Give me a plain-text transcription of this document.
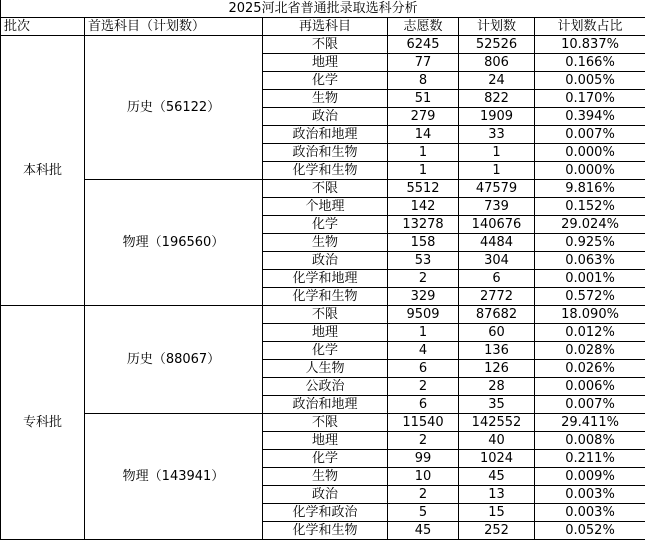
2025河北省普通批录取选科分析					
批次	首选科目（计划数）	再选科目	志愿数	计划数	计划数占比
本科批	历史（56122）	不限	6245	52526	10.837%
		地理	77	806	0.166%
		化学	8	24	0.005%
		生物	51	822	0.170%
		政治	279	1909	0.394%
		政治和地理	14	33	0.007%
		政治和生物	1	1	0.000%
		化学和生物	1	1	0.000%
	物理（196560）	不限	5512	47579	9.816%
		个地理	142	739	0.152%
		化学	13278	140676	29.024%
		生物	158	4484	0.925%
		政治	53	304	0.063%
		化学和地理	2	6	0.001%
		化学和生物	329	2772	0.572%
专科批	历史（88067）	不限	9509	87682	18.090%
		地理	1	60	0.012%
		化学	4	136	0.028%
		人生物	6	126	0.026%
		公政治	2	28	0.006%
		政治和地理	6	35	0.007%
	物理（143941）	不限	11540	142552	29.411%
		地理	2	40	0.008%
		化学	99	1024	0.211%
		生物	10	45	0.009%
		政治	2	13	0.003%
		化学和政治	5	15	0.003%
		化学和生物	45	252	0.052%
